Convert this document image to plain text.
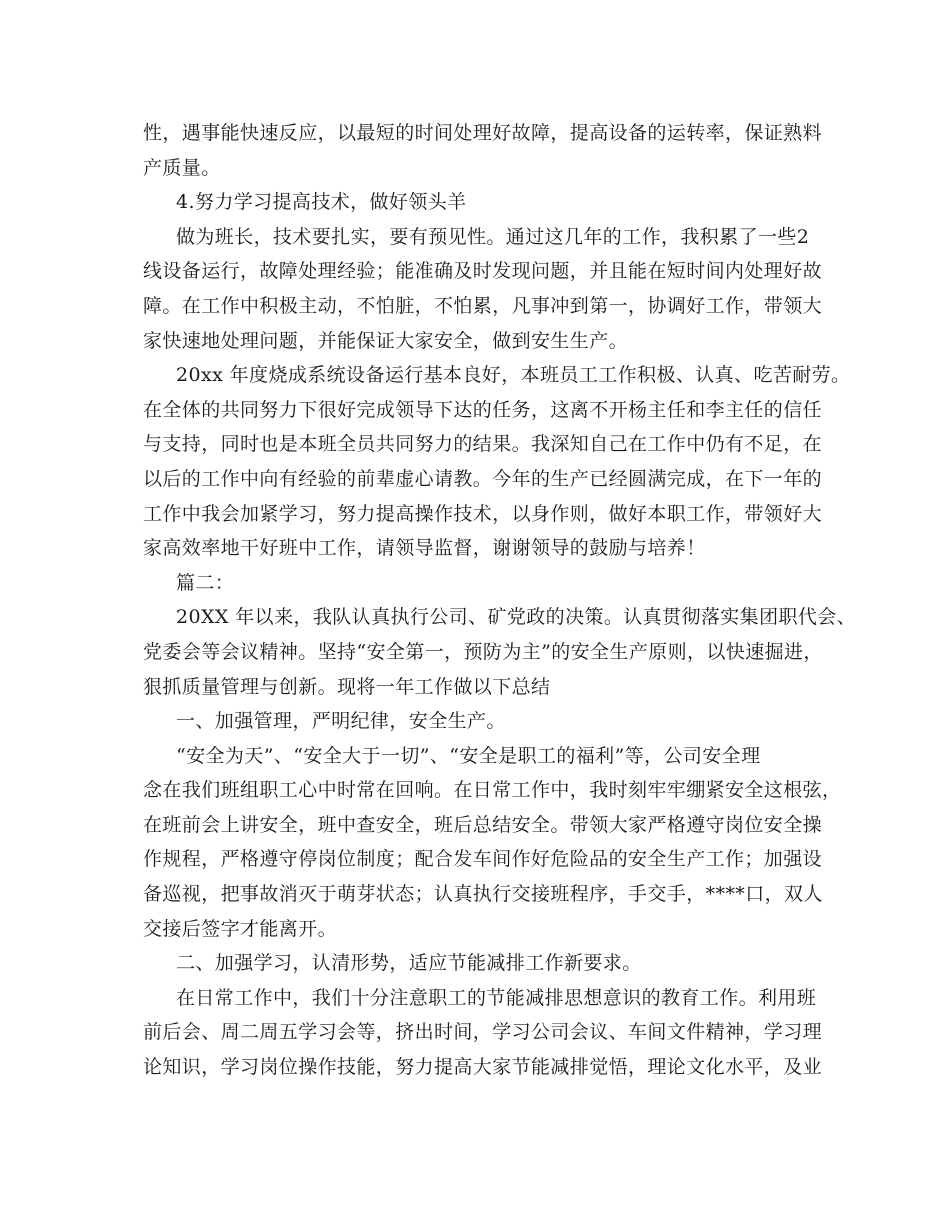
性，遇事能快速反应，以最短的时间处理好故障，提高设备的运转率，保证熟料
产质量。
4.努力学习提高技术，做好领头羊
做为班长，技术要扎实，要有预见性。通过这几年的工作，我积累了一些2
线设备运行，故障处理经验；能准确及时发现问题，并且能在短时间内处理好故
障。在工作中积极主动，不怕脏，不怕累，凡事冲到第一，协调好工作，带领大
家快速地处理问题，并能保证大家安全，做到安生生产。
20xx 年度烧成系统设备运行基本良好，本班员工工作积极、认真、吃苦耐劳。
在全体的共同努力下很好完成领导下达的任务，这离不开杨主任和李主任的信任
与支持，同时也是本班全员共同努力的结果。我深知自己在工作中仍有不足，在
以后的工作中向有经验的前辈虚心请教。今年的生产已经圆满完成，在下一年的
工作中我会加紧学习，努力提高操作技术，以身作则，做好本职工作，带领好大
家高效率地干好班中工作，请领导监督，谢谢领导的鼓励与培养！
篇二：
20XX 年以来，我队认真执行公司、矿党政的决策。认真贯彻落实集团职代会、
党委会等会议精神。坚持“安全第一，预防为主”的安全生产原则，以快速掘进，
狠抓质量管理与创新。现将一年工作做以下总结
一、加强管理，严明纪律，安全生产。
“安全为天”、“安全大于一切”、“安全是职工的福利”等，公司安全理
念在我们班组职工心中时常在回响。在日常工作中，我时刻牢牢绷紧安全这根弦，
在班前会上讲安全，班中查安全，班后总结安全。带领大家严格遵守岗位安全操
作规程，严格遵守停岗位制度；配合发车间作好危险品的安全生产工作；加强设
备巡视，把事故消灭于萌芽状态；认真执行交接班程序，手交手，****口，双人
交接后签字才能离开。
二、加强学习，认清形势，适应节能减排工作新要求。
在日常工作中，我们十分注意职工的节能减排思想意识的教育工作。利用班
前后会、周二周五学习会等，挤出时间，学习公司会议、车间文件精神，学习理
论知识，学习岗位操作技能，努力提高大家节能减排觉悟，理论文化水平，及业
